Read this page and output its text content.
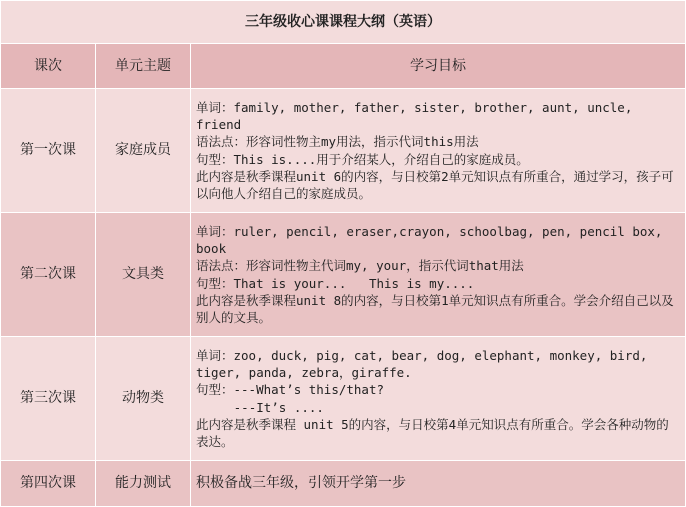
三年级收心课课程大纲（英语）		
课次	单元主题	学习目标
第一次课	家庭成员	单词：family, mother, father, sister, brother, aunt, uncle, friend
语法点：形容词性物主my用法，指示代词this用法
句型：This is....用于介绍某人，介绍自己的家庭成员。
此内容是秋季课程unit 6的内容，与日校第2单元知识点有所重合，通过学习，孩子可以向他人介绍自己的家庭成员。

第二次课	文具类	单词：ruler, pencil, eraser,crayon, schoolbag, pen, pencil box, book
语法点：形容词性物主代词my, your，指示代词that用法
句型：That is your...   This is my....
此内容是秋季课程unit 8的内容，与日校第1单元知识点有所重合。学会介绍自己以及别人的文具。

第三次课	动物类	单词：zoo, duck, pig, cat, bear, dog, elephant, monkey, bird, tiger, panda, zebra，giraffe.
句型：---What’s this/that?
---It’s ....
此内容是秋季课程 unit 5的内容，与日校第4单元知识点有所重合。学会各种动物的表达。

第四次课	能力测试	积极备战三年级，引领开学第一步
